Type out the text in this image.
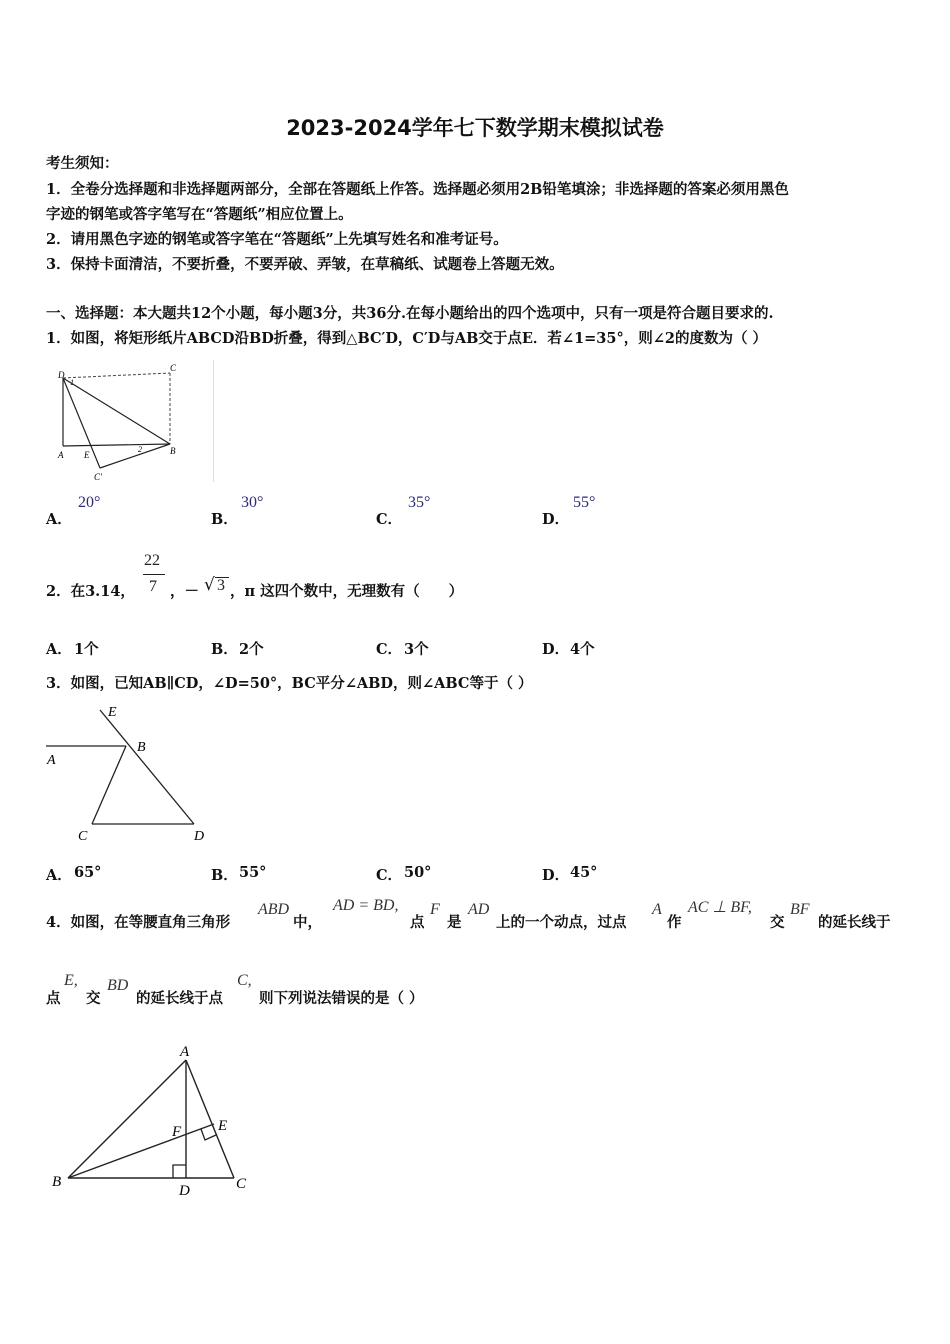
2023-2024学年七下数学期末模拟试卷
考生须知：
1．全卷分选择题和非选择题两部分，全部在答题纸上作答。选择题必须用2B铅笔填涂；非选择题的答案必须用黑色
字迹的钢笔或答字笔写在“答题纸”相应位置上。
2．请用黑色字迹的钢笔或答字笔在“答题纸”上先填写姓名和准考证号。
3．保持卡面清洁，不要折叠，不要弄破、弄皱，在草稿纸、试题卷上答题无效。
一、选择题：本大题共12个小题，每小题3分，共36分.在每小题给出的四个选项中，只有一项是符合题目要求的.
1．如图，将矩形纸片ABCD沿BD折叠，得到△BC′D，C′D与AB交于点E．若∠1=35°，则∠2的度数为（ ）
D
1
C
A E
2	B
C'
A．
20°
B．
30°
C．
35°
D．
55°
2．在3.14，
22
7 ，－ √ 3 ，π 这四个数中，无理数有（　　）
A． 1个	B． 2个	C． 3个	D． 4个
3．如图，已知AB∥CD，∠D=50°，BC平分∠ABD，则∠ABC等于（ ）
E
A
B
C	D
A． 65°	B． 55°	C． 50°	D． 45°
4．如图，在等腰直角三角形
ABD
中，
AD = BD,
点
F
是
AD
上的一个动点，过点
A
作
AC ⊥ BF,
交
BF
的延长线于
点
E,
交
BD
的延长线于点
C,
则下列说法错误的是（ ）
A
F E
B
D	C
